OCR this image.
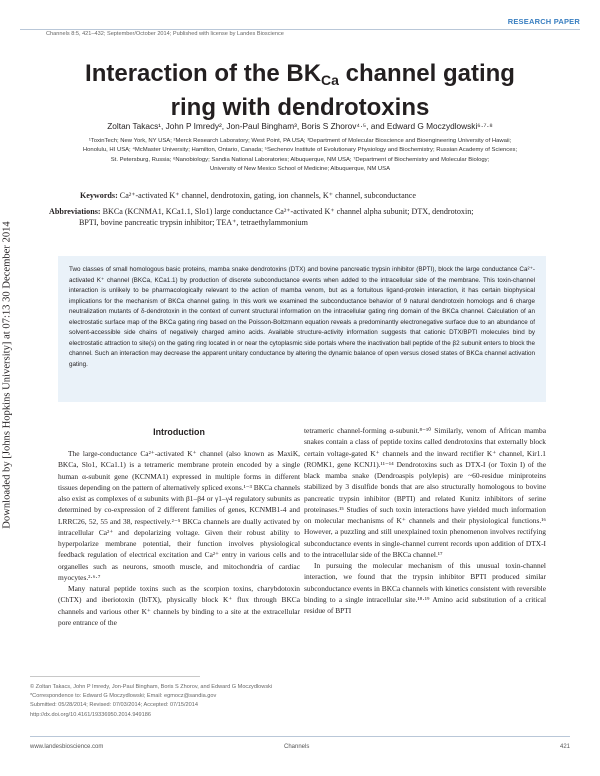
Downloaded by [Johns Hopkins University] at 07:13 30 December 2014
RESEARCH PAPER
Channels 8:5, 421–432; September/October 2014; Published with license by Landes Bioscience
Interaction of the $BK_{Ca}$ channel gating
ring with dendrotoxins
Zoltan Takacs¹, John P Imredy², Jon-Paul Bingham³, Boris S Zhorov⁴·⁵, and Edward G Moczydlowski⁶·⁷·⁸
¹ToxinTech; New York, NY USA; ²Merck Research Laboratory; West Point, PA USA; ³Department of Molecular Bioscience and Bioengineering University of Hawaii;
Honolulu, HI USA; ⁴McMaster University; Hamilton, Ontario, Canada; ⁵Sechenov Institute of Evolutionary Physiology and Biochemistry; Russian Academy of Sciences;
St. Petersburg, Russia; ⁶Nanobiology; Sandia National Laboratories; Albuquerque, NM USA; ⁷Department of Biochemistry and Molecular Biology;
University of New Mexico School of Medicine; Albuquerque, NM USA
Keywords: Ca²⁺-activated K⁺ channel, dendrotoxin, gating, ion channels, K⁺ channel, subconductance
Abbreviations: BKCa (KCNMA1, KCa1.1, Slo1) large conductance Ca²⁺-activated K⁺ channel alpha subunit; DTX, dendrotoxin;
BPTI, bovine pancreatic trypsin inhibitor; TEA⁺, tetraethylammonium

Two classes of small homologous basic proteins, mamba snake dendrotoxins (DTX) and bovine pancreatic trypsin inhibitor (BPTI), block the large conductance Ca²⁺-activated K⁺ channel (BKCa, KCa1.1) by production of discrete subconductance events when added to the intracellular side of the membrane. This toxin-channel interaction is unlikely to be pharmacologically relevant to the action of mamba venom, but as a fortuitous ligand-protein interaction, it has certain biophysical implications for the mechanism of BKCa channel gating. In this work we examined the subconductance behavior of 9 natural dendrotoxin homologs and 6 charge neutralization mutants of δ-dendrotoxin in the context of current structural information on the intracellular gating ring domain of the BKCa channel. Calculation of an electrostatic surface map of the BKCa gating ring based on the Poisson-Boltzmann equation reveals a predominantly electronegative surface due to an abundance of solvent-accessible side chains of negatively charged amino acids. Available structure-activity information suggests that cationic DTX/BPTI molecules bind by electrostatic attraction to site(s) on the gating ring located in or near the cytoplasmic side portals where the inactivation ball peptide of the β2 subunit enters to block the channel. Such an interaction may decrease the apparent unitary conductance by altering the dynamic balance of open versus closed states of BKCa channel activation gating.

Introduction

The large-conductance Ca²⁺-activated K⁺ channel (also known as MaxiK, BKCa, Slo1, KCa1.1) is a tetrameric membrane protein encoded by a single human α-subunit gene (KCNMA1) expressed in multiple forms in different tissues depending on the pattern of alternatively spliced exons.¹⁻³ BKCa channels also exist as complexes of α subunits with β1–β4 or γ1–γ4 regulatory subunits as determined by co-expression of 2 different families of genes, KCNMB1-4 and LRRC26, 52, 55 and 38, respectively.²⁻⁵ BKCa channels are dually activated by intracellular Ca²⁺ and depolarizing voltage. Given their robust ability to hyperpolarize membrane potential, their function involves physiological feedback regulation of electrical excitation and Ca²⁺ entry in various cells and organelles such as neurons, smooth muscle, and mitochondria of cardiac myocytes.²·⁶·⁷

Many natural peptide toxins such as the scorpion toxins, charybdotoxin (ChTX) and iberiotoxin (IbTX), physically block K⁺ flux through BKCa channels and various other K⁺ channels by binding to a site at the extracellular pore entrance of the

tetrameric channel-forming α-subunit.⁸⁻¹⁰ Similarly, venom of African mamba snakes contain a class of peptide toxins called dendrotoxins that externally block certain voltage-gated K⁺ channels and the inward rectifier K⁺ channel, Kir1.1 (ROMK1, gene KCNJ1).¹¹⁻¹⁴ Dendrotoxins such as DTX-I (or Toxin I) of the black mamba snake (Dendroaspis polylepis) are ~60-residue miniproteins stabilized by 3 disulfide bonds that are also structurally homologous to bovine pancreatic trypsin inhibitor (BPTI) and related Kunitz inhibitors of serine proteinases.¹⁵ Studies of such toxin interactions have yielded much information on molecular mechanisms of K⁺ channels and their physiological functions.¹⁶ However, a puzzling and still unexplained toxin phenomenon involves rectifying subconductance events in single-channel current records upon addition of DTX-I to the intracellular side of the BKCa channel.¹⁷

In pursuing the molecular mechanism of this unusual toxin-channel interaction, we found that the trypsin inhibitor BPTI produced similar subconductance events in BKCa channels with kinetics consistent with reversible binding to a single intracellular site.¹⁸·¹⁹ Amino acid substitution of a critical residue of BPTI

© Zoltan Takacs, John P Imredy, Jon-Paul Bingham, Boris S Zhorov, and Edward G Moczydlowski
*Correspondence to: Edward G Moczydlowski; Email: egmocz@sandia.gov
Submitted: 05/28/2014; Revised: 07/03/2014; Accepted: 07/15/2014
http://dx.doi.org/10.4161/19336950.2014.949186
www.landesbioscience.com	Channels	421
